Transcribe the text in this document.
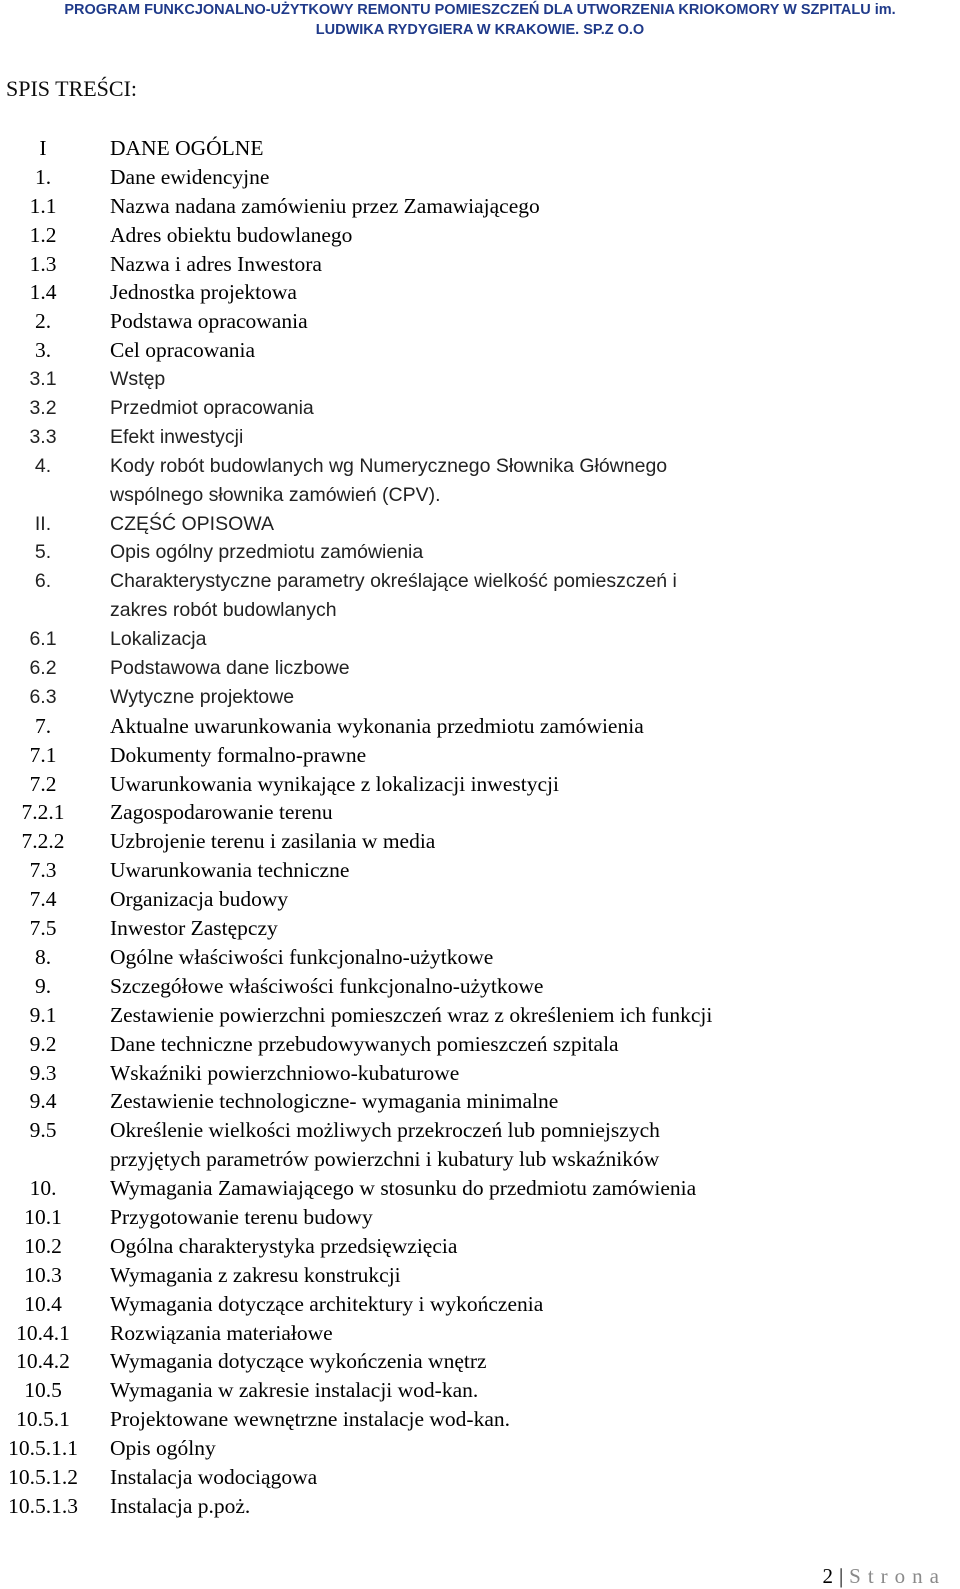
PROGRAM FUNKCJONALNO-UŻYTKOWY REMONTU POMIESZCZEŃ DLA UTWORZENIA KRIOKOMORY W SZPITALU im.
LUDWIKA RYDYGIERA W KRAKOWIE. SP.Z O.O
SPIS TREŚCI:
I	DANE OGÓLNE
1.	Dane ewidencyjne
1.1	Nazwa nadana zamówieniu przez Zamawiającego
1.2	Adres obiektu budowlanego
1.3	Nazwa i adres Inwestora
1.4	Jednostka projektowa
2.	Podstawa opracowania
3.	Cel opracowania
3.1	Wstęp
3.2	Przedmiot opracowania
3.3	Efekt inwestycji
4.	Kody robót budowlanych wg Numerycznego Słownika Głównego
wspólnego słownika zamówień (CPV).
II.	CZĘŚĆ OPISOWA
5.	Opis ogólny przedmiotu zamówienia
6.	Charakterystyczne parametry określające wielkość pomieszczeń i
zakres robót budowlanych
6.1	Lokalizacja
6.2	Podstawowa dane liczbowe
6.3	Wytyczne projektowe
7.	Aktualne uwarunkowania wykonania przedmiotu zamówienia
7.1	Dokumenty formalno-prawne
7.2	Uwarunkowania wynikające z lokalizacji inwestycji
7.2.1	Zagospodarowanie terenu
7.2.2	Uzbrojenie terenu i zasilania w media
7.3	Uwarunkowania techniczne
7.4	Organizacja budowy
7.5	Inwestor Zastępczy
8.	Ogólne właściwości funkcjonalno-użytkowe
9.	Szczegółowe właściwości funkcjonalno-użytkowe
9.1	Zestawienie powierzchni pomieszczeń wraz z określeniem ich funkcji
9.2	Dane techniczne przebudowywanych pomieszczeń szpitala
9.3	Wskaźniki powierzchniowo-kubaturowe
9.4	Zestawienie technologiczne- wymagania minimalne
9.5	Określenie wielkości możliwych przekroczeń lub pomniejszych
przyjętych parametrów powierzchni i kubatury lub wskaźników
10.	Wymagania Zamawiającego w stosunku do przedmiotu zamówienia
10.1	Przygotowanie terenu budowy
10.2	Ogólna charakterystyka przedsięwzięcia
10.3	Wymagania z zakresu konstrukcji
10.4	Wymagania dotyczące architektury i wykończenia
10.4.1	Rozwiązania materiałowe
10.4.2	Wymagania dotyczące wykończenia wnętrz
10.5	Wymagania w zakresie instalacji wod-kan.
10.5.1	Projektowane wewnętrzne instalacje wod-kan.
10.5.1.1	Opis ogólny
10.5.1.2	Instalacja wodociągowa
10.5.1.3	Instalacja p.poż.
2 | Strona
